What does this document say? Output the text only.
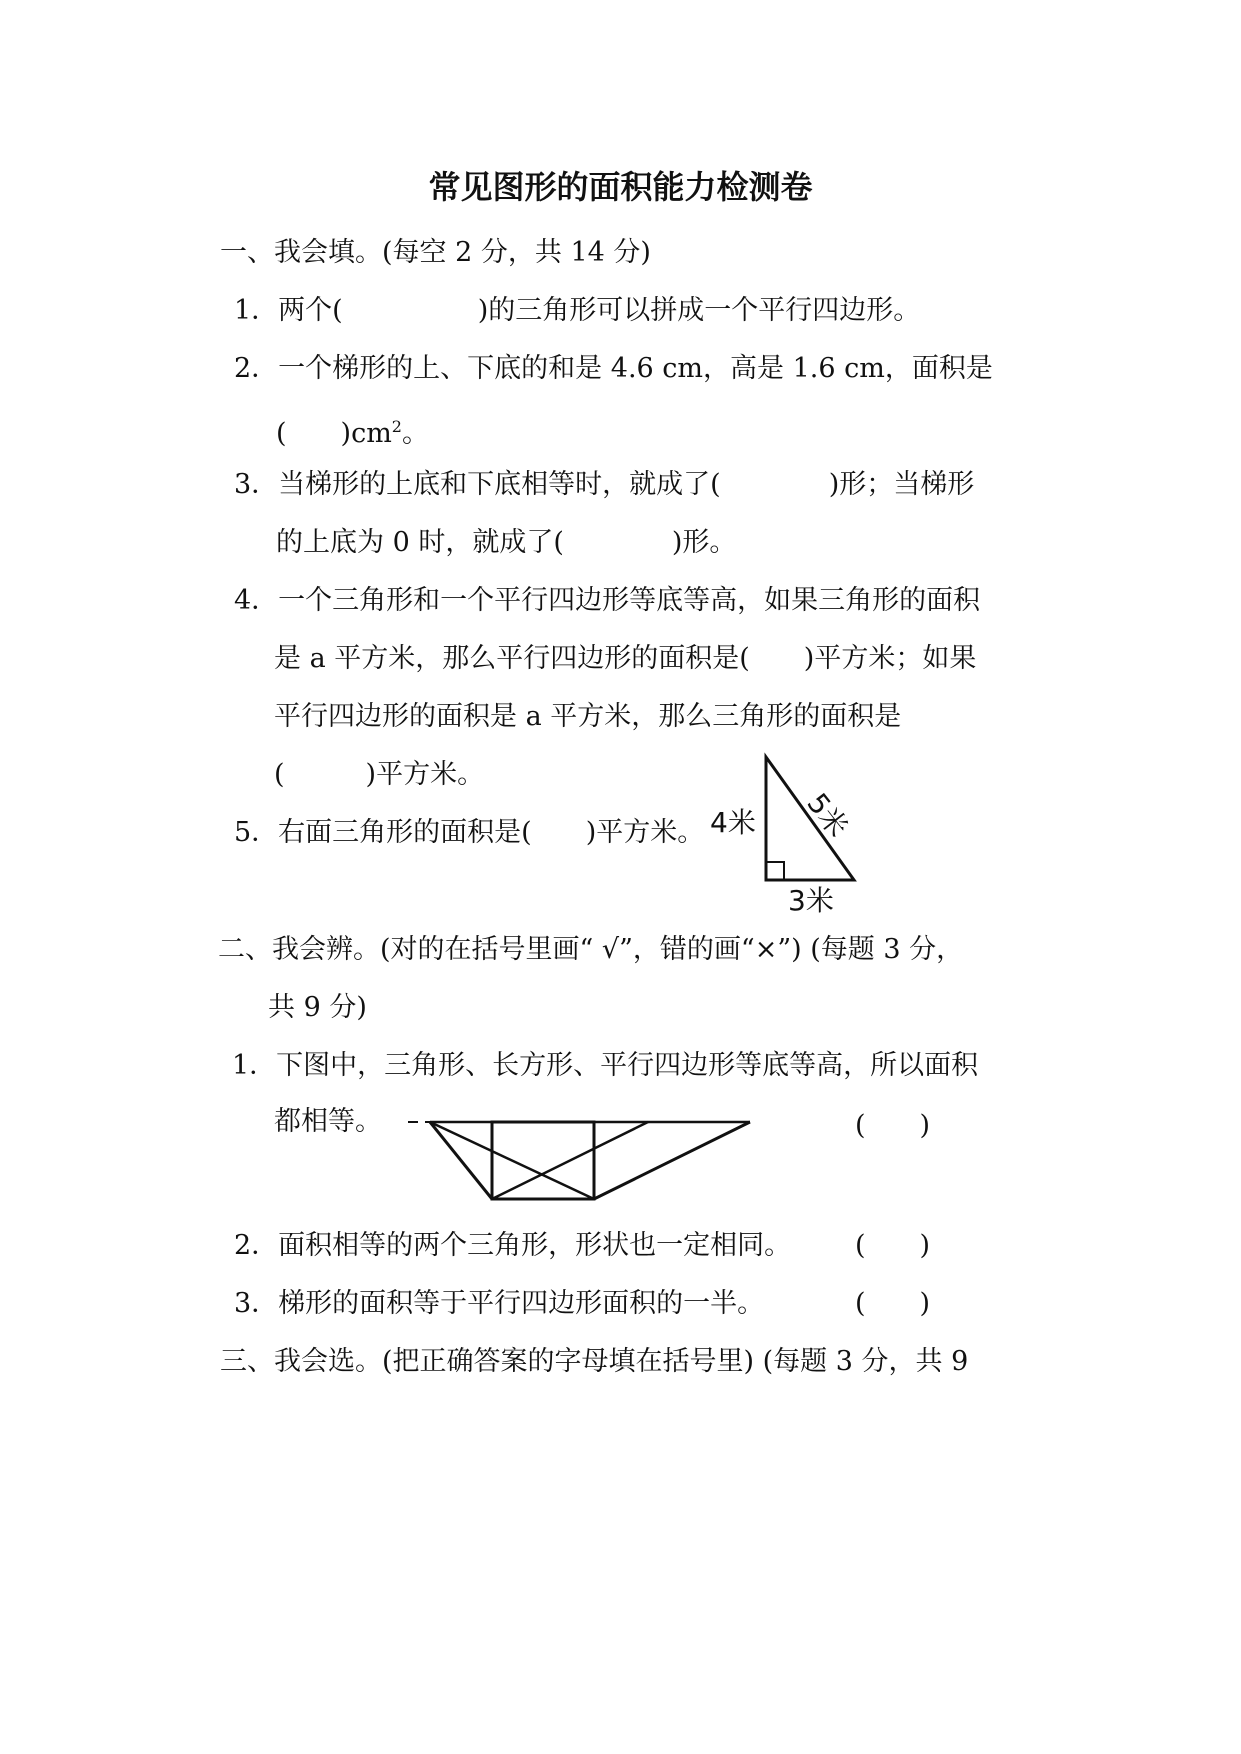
常见图形的面积能力检测卷
一、我会填。(每空 2 分，共 14 分)
1．两个(　　　　　)的三角形可以拼成一个平行四边形。
2．一个梯形的上、下底的和是 4.6 cm，高是 1.6 cm，面积是
(　　)$cm^2$。
3．当梯形的上底和下底相等时，就成了(　　　　)形；当梯形
的上底为 0 时，就成了(　　　　)形。
4．一个三角形和一个平行四边形等底等高，如果三角形的面积
是 a 平方米，那么平行四边形的面积是(　　)平方米；如果
平行四边形的面积是 a 平方米，那么三角形的面积是
(　　　)平方米。
5．右面三角形的面积是(　　)平方米。 4米 5米
3米
二、我会辨。(对的在括号里画“ √”，错的画“×”) (每题 3 分，
共 9 分)
1．下图中，三角形、长方形、平行四边形等底等高，所以面积
都相等。	(　　)
2．面积相等的两个三角形，形状也一定相同。 (　　)
3．梯形的面积等于平行四边形面积的一半。	(　　)
三、我会选。(把正确答案的字母填在括号里) (每题 3 分，共 9
